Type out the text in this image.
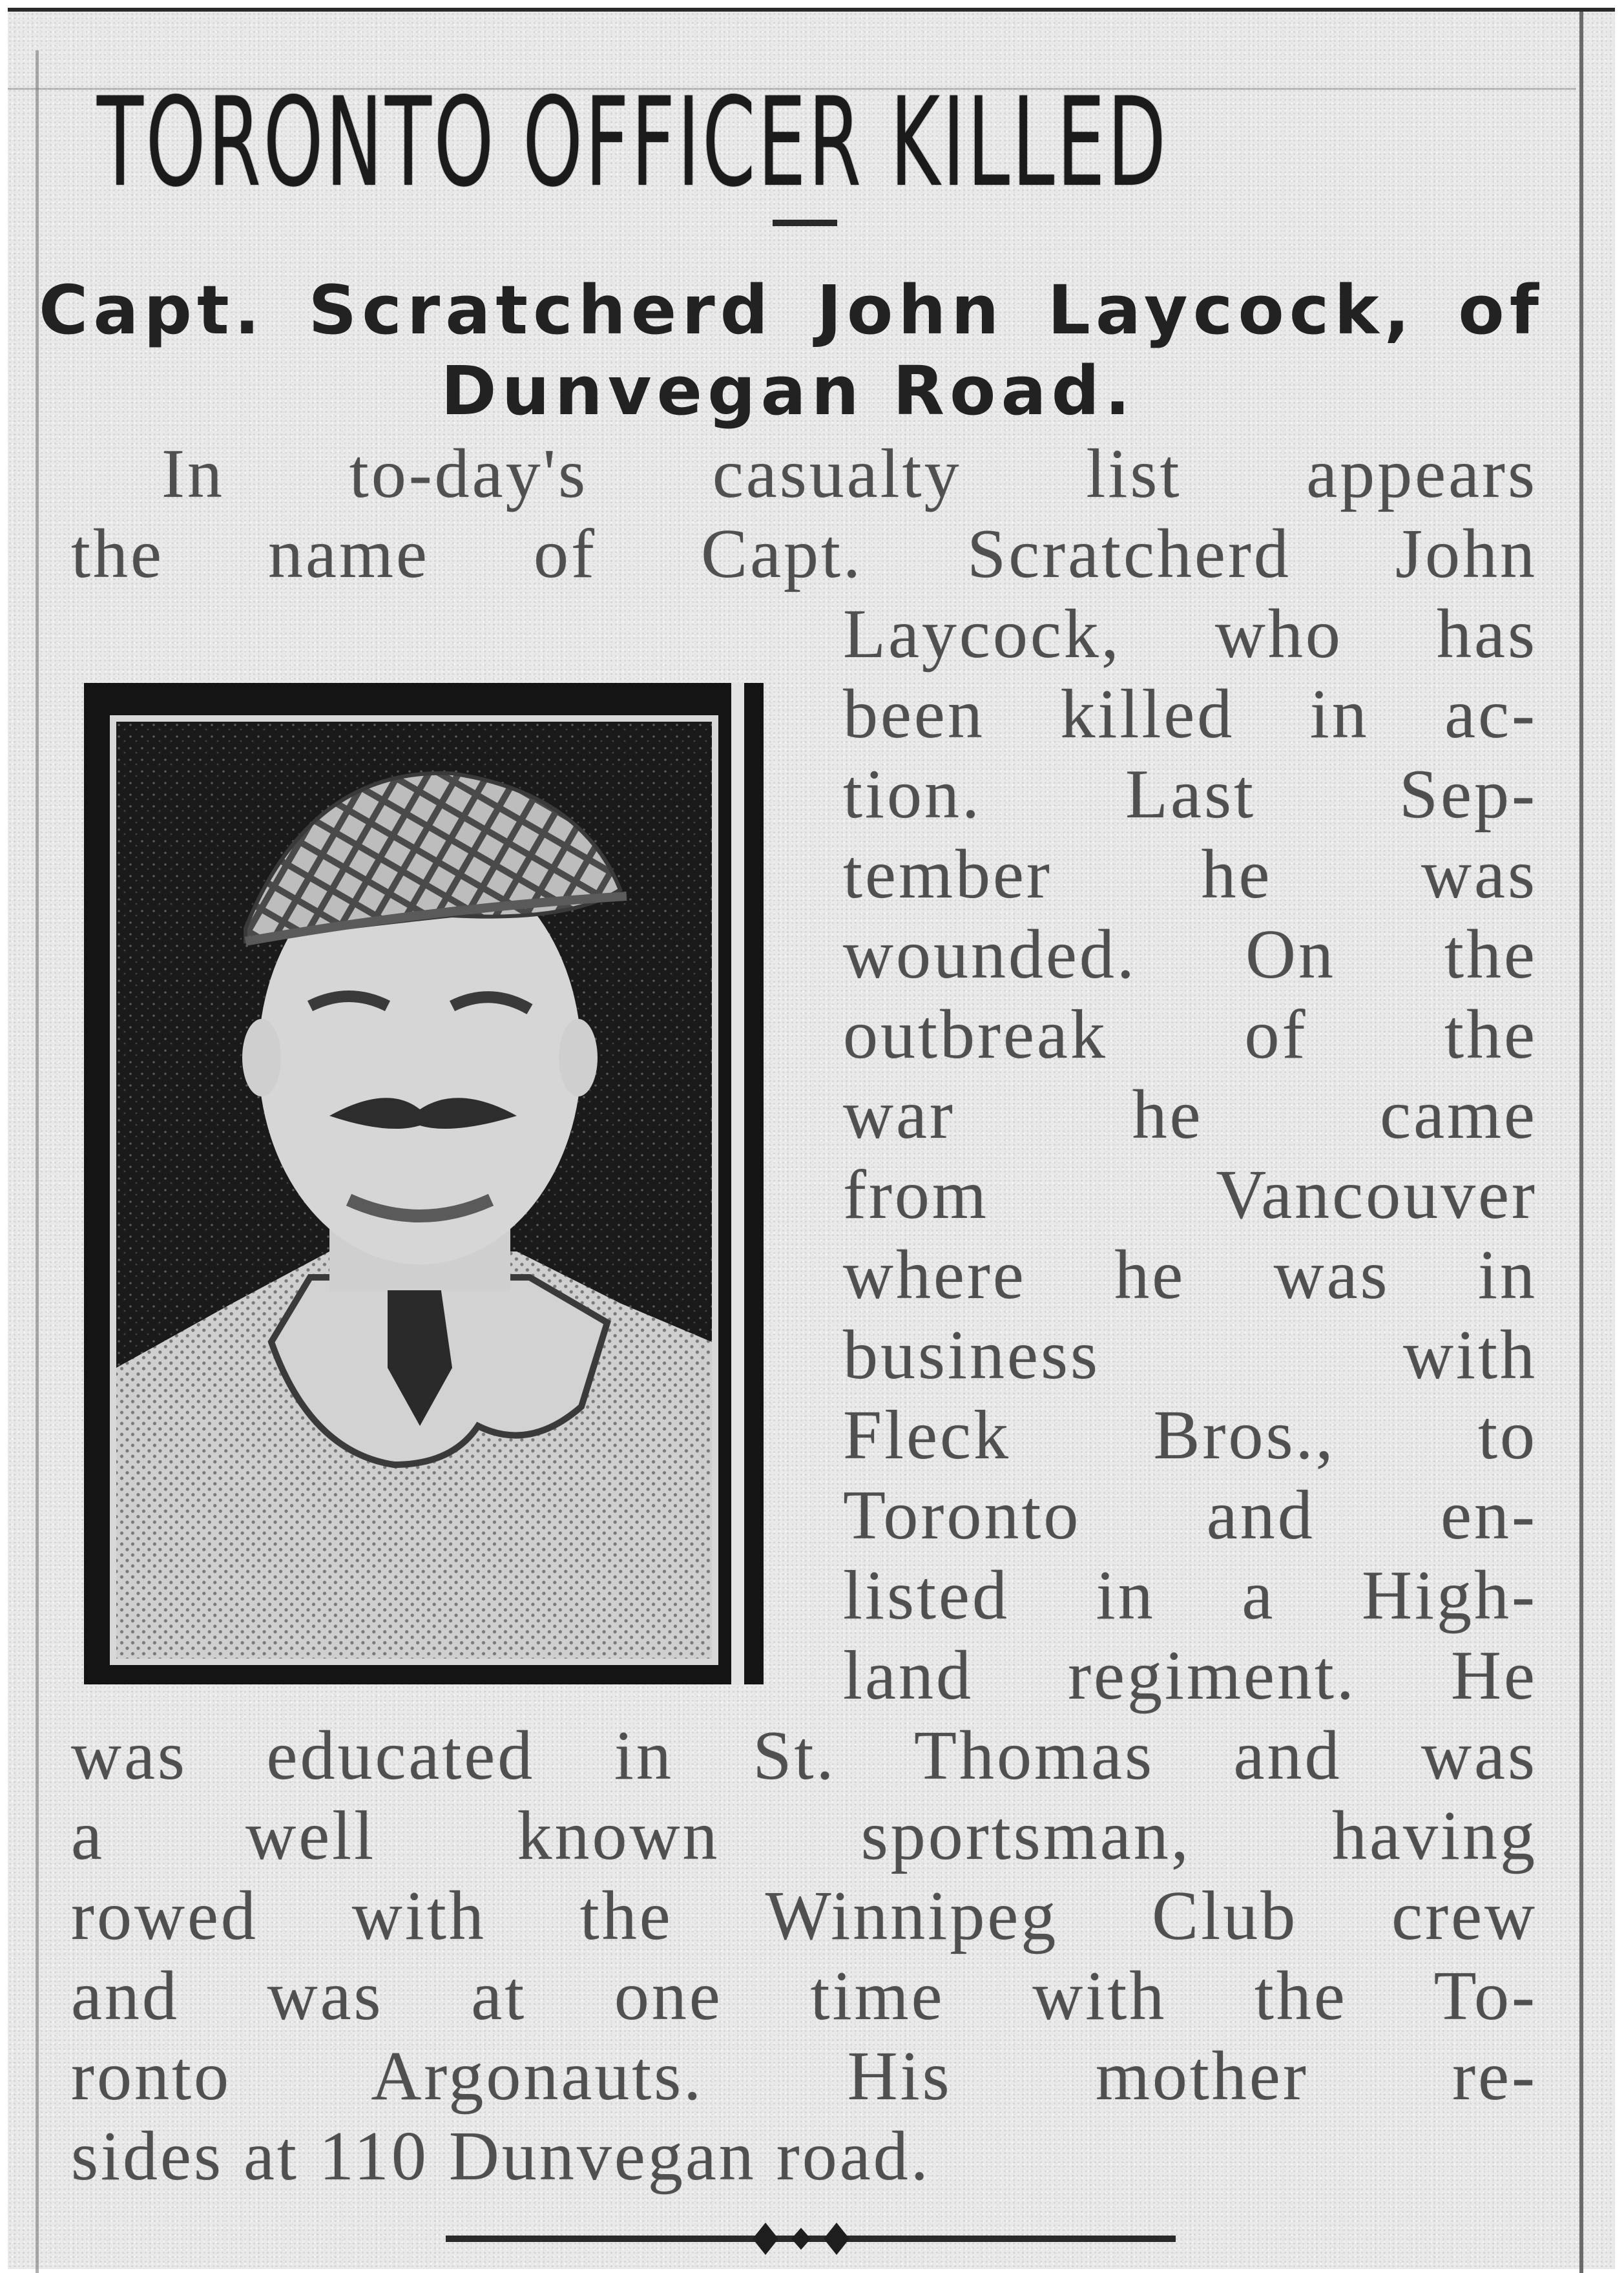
TORONTO OFFICER KILLED
Capt. Scratcherd John Laycock, of
Dunvegan Road.
In to-day's casualty list appears
the name of Capt. Scratcherd John
Laycock, who has
been killed in ac-
tion. Last Sep-
tember he was
wounded. On the
outbreak of the
war he came
from Vancouver
where he was in
business with
Fleck Bros., to
Toronto and en-
listed in a High-
land regiment. He
was educated in St. Thomas and was
a well known sportsman, having
rowed with the Winnipeg Club crew
and was at one time with the To-
ronto Argonauts. His mother re-
sides at 110 Dunvegan road.
